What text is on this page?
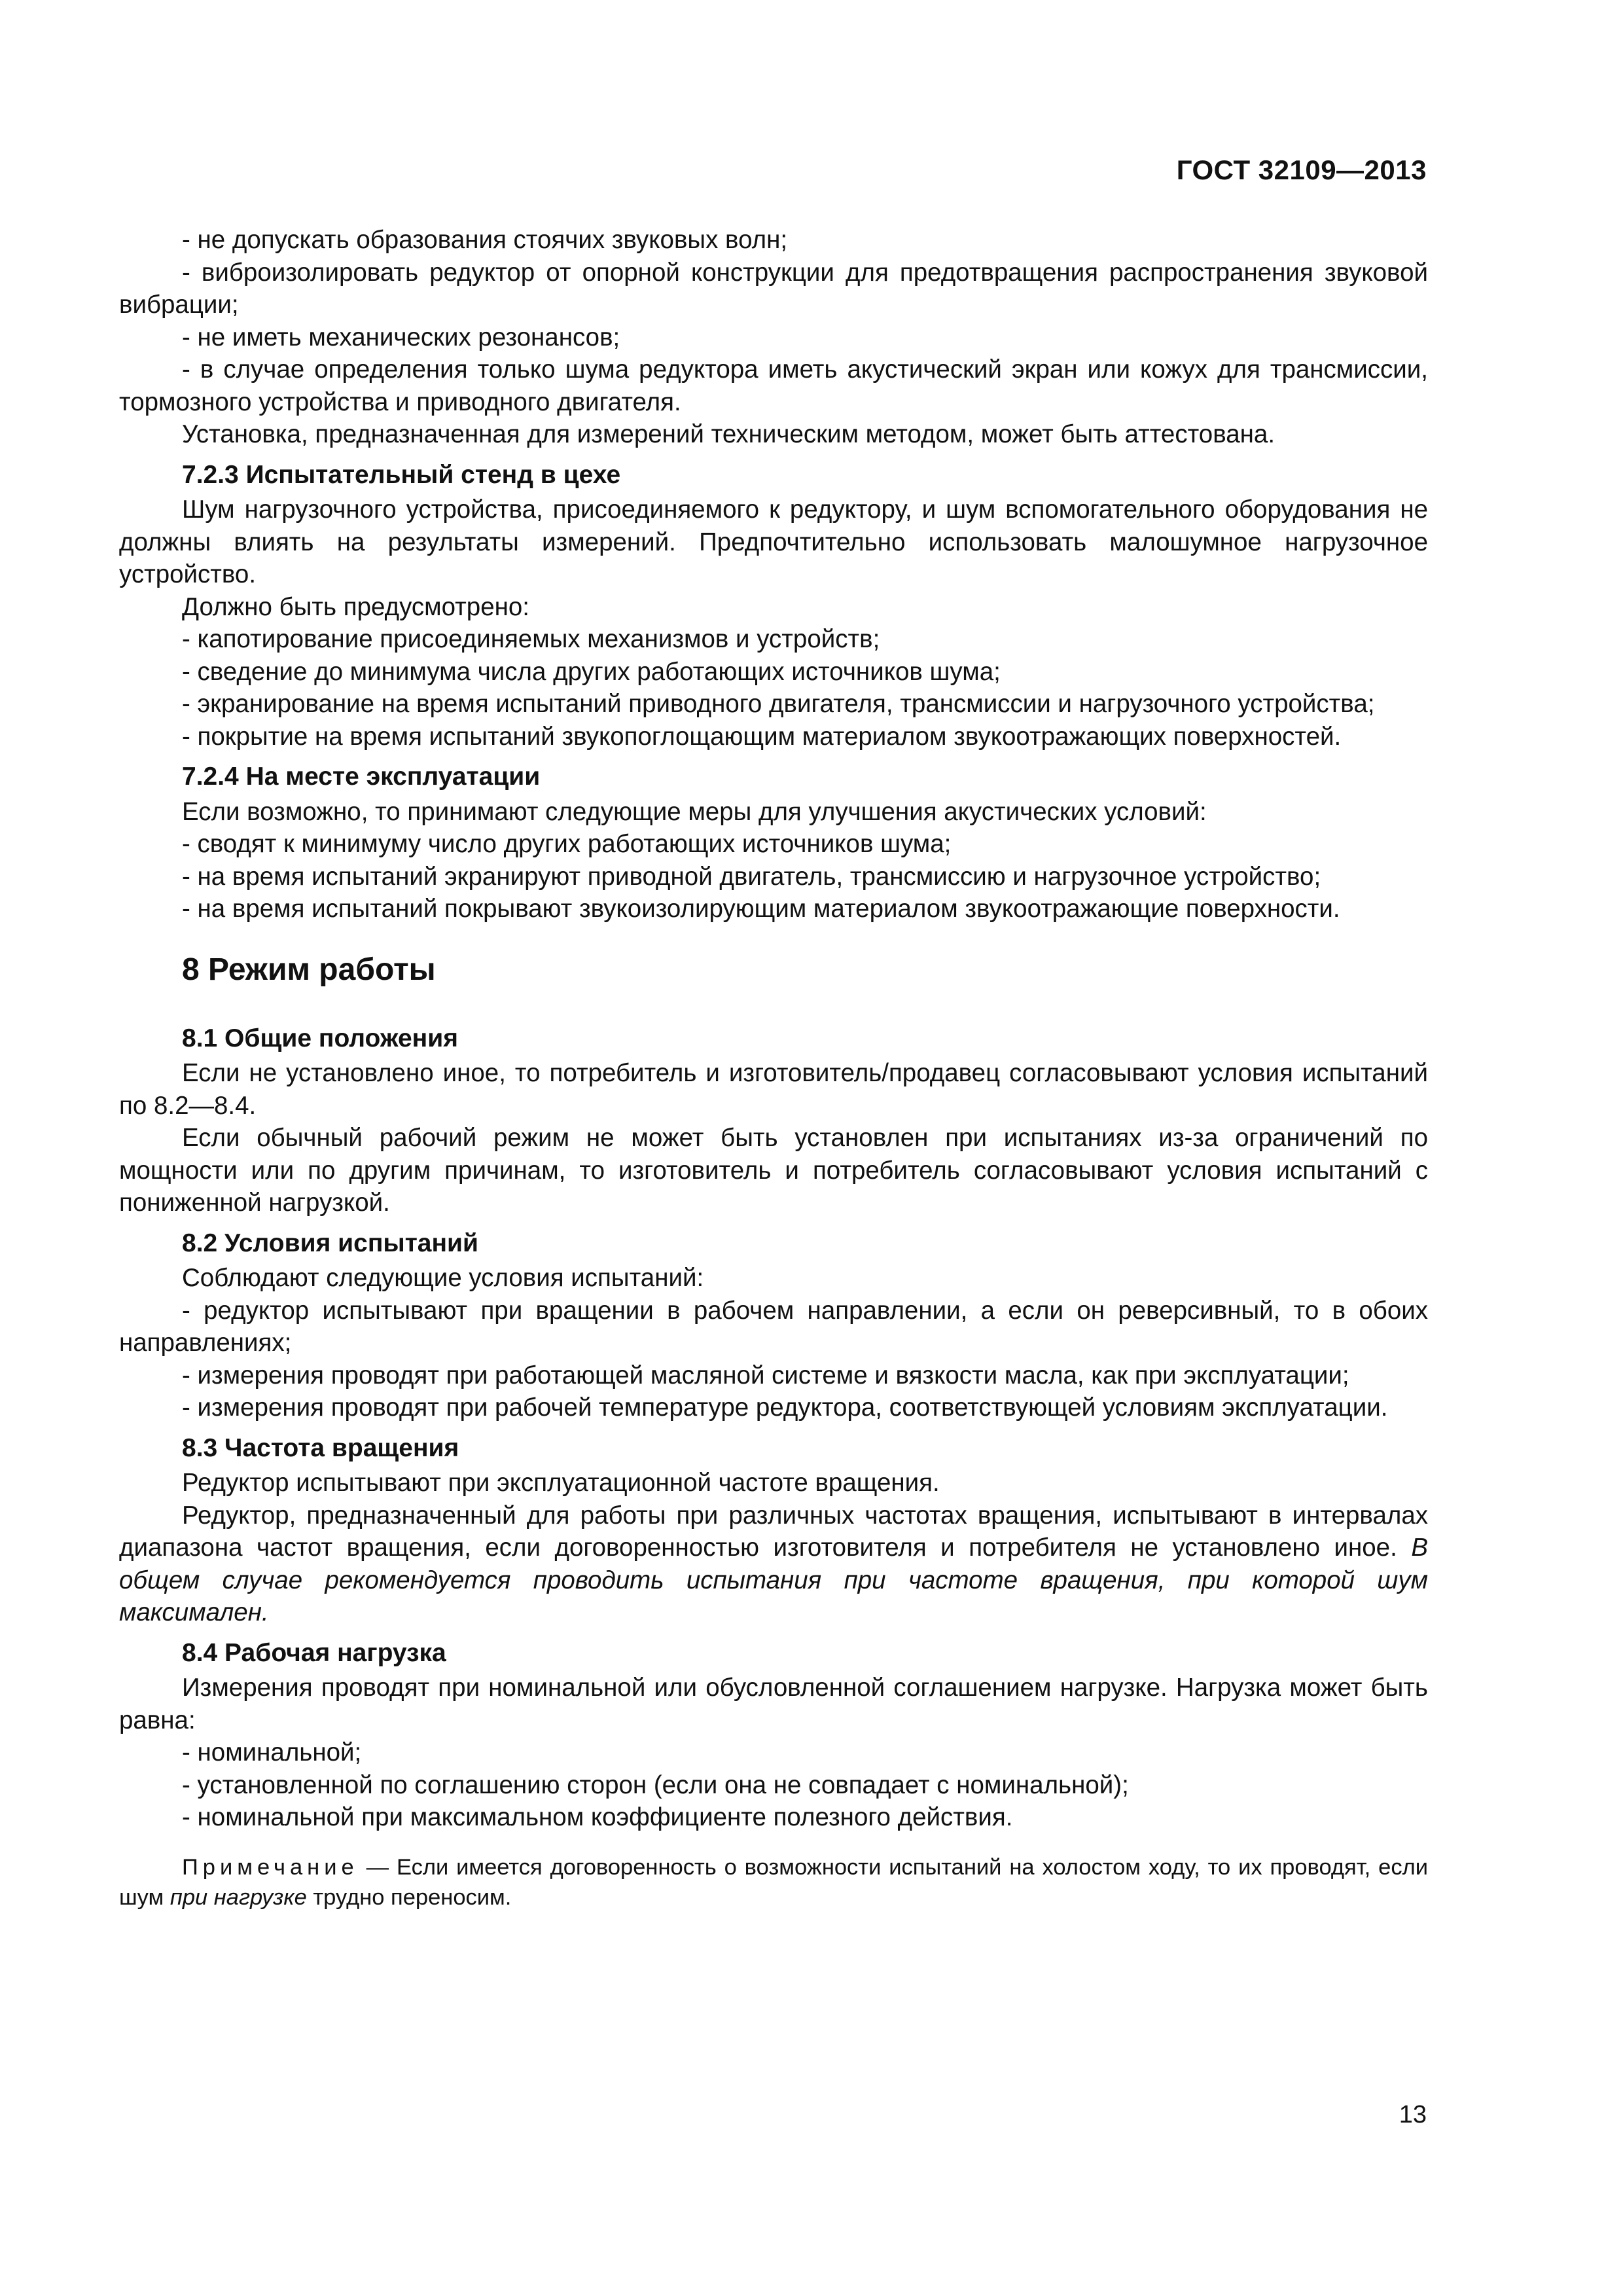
ГОСТ 32109—2013

- не допускать образования стоячих звуковых волн;

- виброизолировать редуктор от опорной конструкции для предотвращения распространения звуковой вибрации;

- не иметь механических резонансов;

- в случае определения только шума редуктора иметь акустический экран или кожух для трансмиссии, тормозного устройства и приводного двигателя.

Установка, предназначенная для измерений техническим методом, может быть аттестована.

7.2.3 Испытательный стенд в цехе

Шум нагрузочного устройства, присоединяемого к редуктору, и шум вспомогательного оборудования не должны влиять на результаты измерений. Предпочтительно использовать малошумное нагрузочное устройство.

Должно быть предусмотрено:

- капотирование присоединяемых механизмов и устройств;

- сведение до минимума числа других работающих источников шума;

- экранирование на время испытаний приводного двигателя, трансмиссии и нагрузочного устройства;

- покрытие на время испытаний звукопоглощающим материалом звукоотражающих поверхностей.

7.2.4 На месте эксплуатации

Если возможно, то принимают следующие меры для улучшения акустических условий:

- сводят к минимуму число других работающих источников шума;

- на время испытаний экранируют приводной двигатель, трансмиссию и нагрузочное устройство;

- на время испытаний покрывают звукоизолирующим материалом звукоотражающие поверхности.

8 Режим работы
8.1 Общие положения

Если не установлено иное, то потребитель и изготовитель/продавец согласовывают условия испытаний по 8.2—8.4.

Если обычный рабочий режим не может быть установлен при испытаниях из-за ограничений по мощности или по другим причинам, то изготовитель и потребитель согласовывают условия испытаний с пониженной нагрузкой.

8.2 Условия испытаний

Соблюдают следующие условия испытаний:

- редуктор испытывают при вращении в рабочем направлении, а если он реверсивный, то в обоих направлениях;

- измерения проводят при работающей масляной системе и вязкости масла, как при эксплуатации;

- измерения проводят при рабочей температуре редуктора, соответствующей условиям эксплуатации.

8.3 Частота вращения

Редуктор испытывают при эксплуатационной частоте вращения.

Редуктор, предназначенный для работы при различных частотах вращения, испытывают в интервалах диапазона частот вращения, если договоренностью изготовителя и потребителя не установлено иное. В общем случае рекомендуется проводить испытания при частоте вращения, при которой шум максимален.

8.4 Рабочая нагрузка

Измерения проводят при номинальной или обусловленной соглашением нагрузке. Нагрузка может быть равна:

- номинальной;

- установленной по соглашению сторон (если она не совпадает с номинальной);

- номинальной при максимальном коэффициенте полезного действия.

Примечание — Если имеется договоренность о возможности испытаний на холостом ходу, то их проводят, если шум при нагрузке трудно переносим.

13
